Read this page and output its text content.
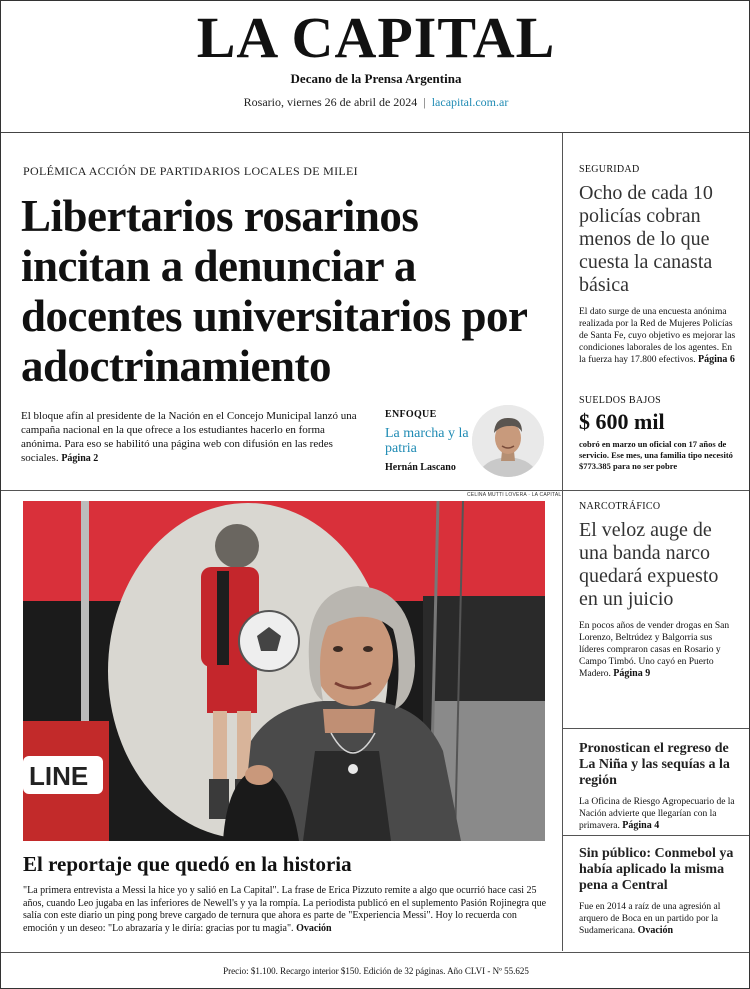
LA CAPITAL
Decano de la Prensa Argentina
Rosario, viernes 26 de abril de 2024 | lacapital.com.ar
POLÉMICA ACCIÓN DE PARTIDARIOS LOCALES DE MILEI
Libertarios rosarinos incitan a denunciar a docentes universitarios por adoctrinamiento

El bloque afín al presidente de la Nación en el Concejo Municipal lanzó una campaña nacional en la que ofrece a los estudiantes hacerlo en forma anónima. Para eso se habilitó una página web con difusión en las redes sociales. Página 2

ENFOQUE
La marcha y la patria
Hernán Lascano
SEGURIDAD
Ocho de cada 10 policías cobran menos de lo que cuesta la canasta básica
El dato surge de una encuesta anónima realizada por la Red de Mujeres Policías de Santa Fe, cuyo objetivo es mejorar las condiciones laborales de los agentes. En la fuerza hay 17.800 efectivos. Página 6
SUELDOS BAJOS
$ 600 mil
cobró en marzo un oficial con 17 años de servicio. Ese mes, una familia tipo necesitó $773.385 para no ser pobre
NARCOTRÁFICO
El veloz auge de una banda narco quedará expuesto en un juicio
En pocos años de vender drogas en San Lorenzo, Beltrúdez y Balgorria sus líderes compraron casas en Rosario y Campo Timbó. Uno cayó en Puerto Madero. Página 9
Pronostican el regreso de La Niña y las sequías a la región
La Oficina de Riesgo Agropecuario de la Nación advierte que llegarían con la primavera. Página 4
Sin público: Conmebol ya había aplicado la misma pena a Central
Fue en 2014 a raíz de una agresión al arquero de Boca en un partido por la Sudamericana. Ovación
CELINA MUTTI LOVERA · LA CAPITAL
LINE
El reportaje que quedó en la historia

"La primera entrevista a Messi la hice yo y salió en La Capital". La frase de Erica Pizzuto remite a algo que ocurrió hace casi 25 años, cuando Leo jugaba en las inferiores de Newell's y ya la rompía. La periodista publicó en el suplemento Pasión Rojinegra que salía con este diario un ping pong breve cargado de ternura que ahora es parte de "Experiencia Messi". Hoy lo recuerda con emoción y un deseo: "Lo abrazaría y le diría: gracias por tu magia". Ovación

Precio: $1.100. Recargo interior $150. Edición de 32 páginas. Año CLVI - Nº 55.625
